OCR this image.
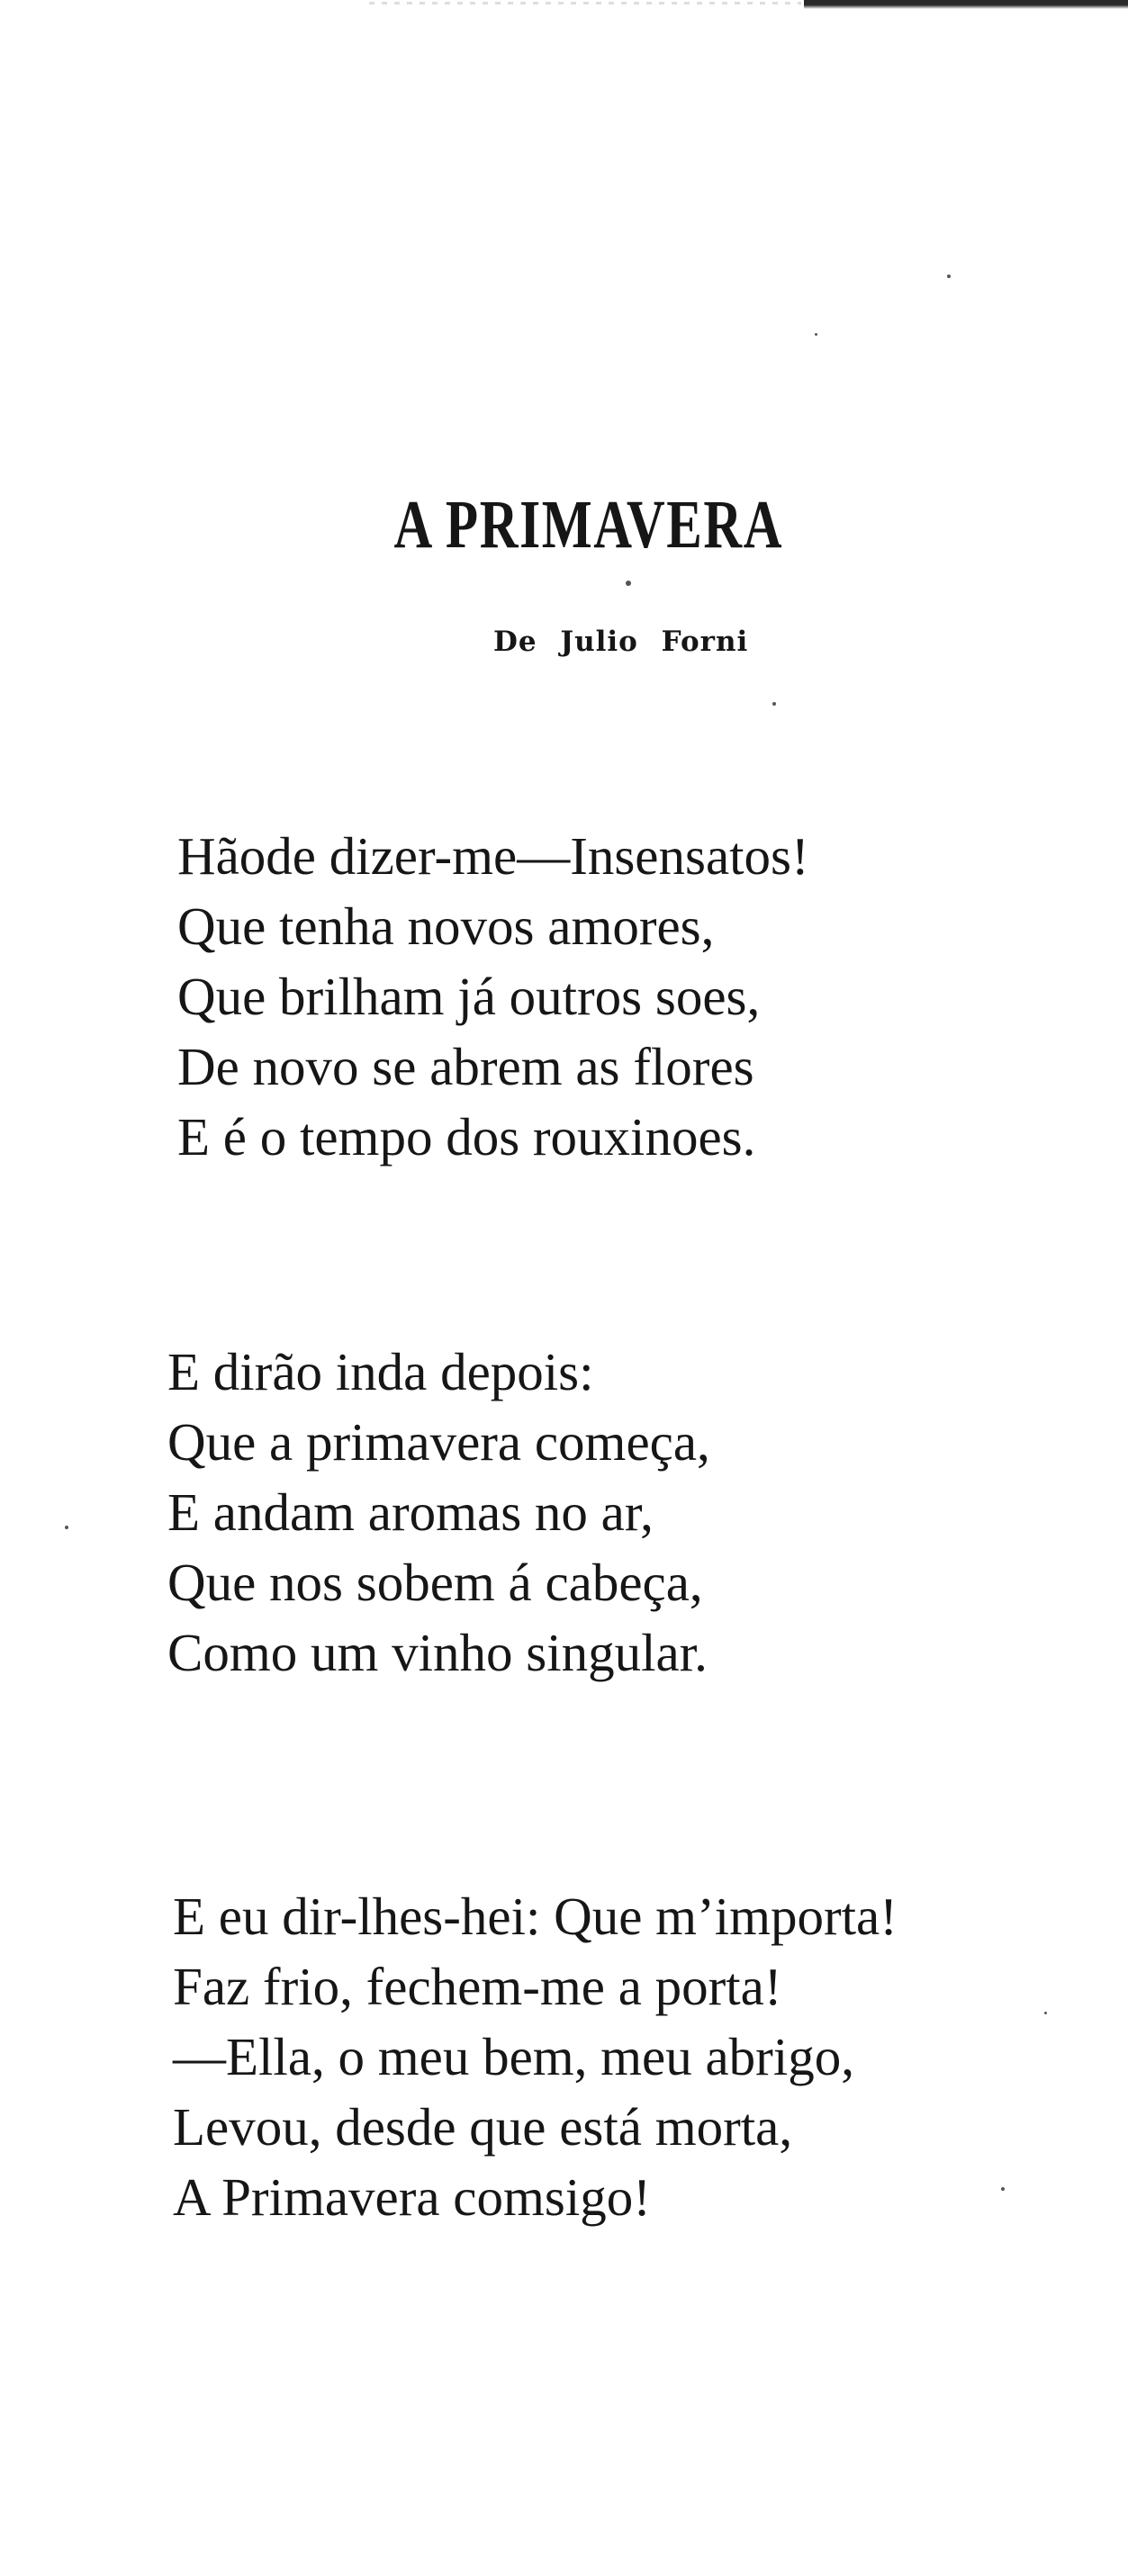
A PRIMAVERA
De Julio Forni
Hãode dizer-me—Insensatos!
Que tenha novos amores,
Que brilham já outros soes,
De novo se abrem as flores
E é o tempo dos rouxinoes.
E dirão inda depois:
Que a primavera começa,
E andam aromas no ar,
Que nos sobem á cabeça,
Como um vinho singular.
E eu dir-lhes-hei: Que m’importa!
Faz frio, fechem-me a porta!
—Ella, o meu bem, meu abrigo,
Levou, desde que está morta,
A Primavera comsigo!
